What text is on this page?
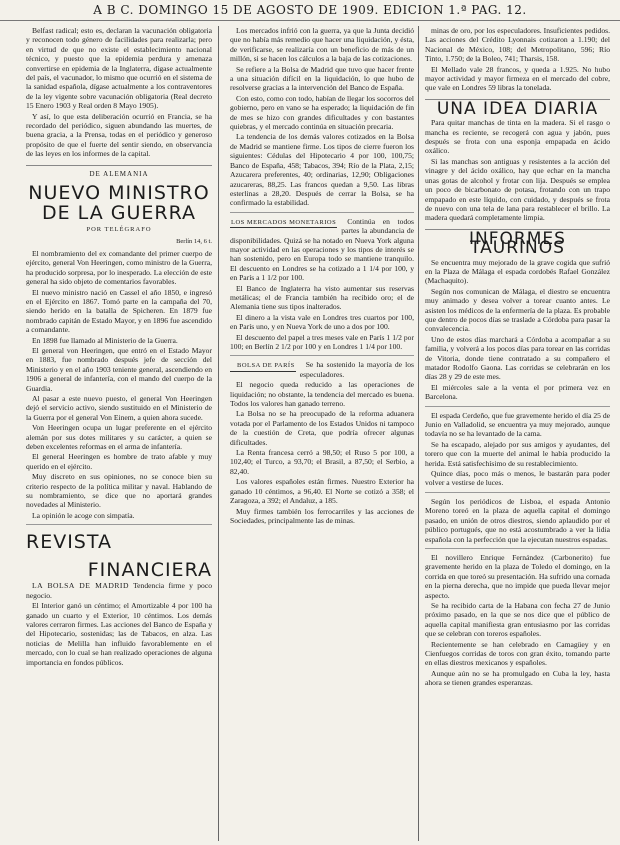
A B C. DOMINGO 15 DE AGOSTO DE 1909. EDICION 1.ª PAG. 12.

Belfast radical; esto es, declaran la vacunación obligatoria y reconocen todo género de facilidades para realizarla; pero en virtud de que no existe el establecimiento nacional técnico, y puesto que la epidemia perdura y amenaza convertirse en epidemia de la Inglaterra, dígase actualmente del país, el vacunador, lo mismo que ocurrió en el sistema de la sanidad española, dígase actualmente a los contraventores de la ley vigente sobre vacunación obligatoria (Real decreto 15 Enero 1903 y Real orden 8 Mayo 1905).

Y así, lo que esta deliberación ocurrió en Francia, se ha recordado del periódico, siguen abundando las muertes, de buena gracia, a la Prensa, todas en el periódico y generoso propósito de que el fuerte del sentir siendo, en observancia de las leyes en los informes de la capital.

DE ALEMANIA
NUEVO MINISTRO DE LA GUERRA
POR TELÉGRAFO
Berlín 14, 6 t.

El nombramiento del ex comandante del primer cuerpo de ejército, general Von Heeringen, como ministro de la Guerra, ha producido sorpresa, por lo inesperado. La elección de este general ha sido objeto de comentarios favorables.

El nuevo ministro nació en Cassel el año 1850, e ingresó en el Ejército en 1867. Tomó parte en la campaña del 70, siendo herido en la batalla de Spicheren. En 1879 fue nombrado capitán de Estado Mayor, y en 1896 fue ascendido a comandante.

En 1898 fue llamado al Ministerio de la Guerra.

El general von Heeringen, que entró en el Estado Mayor en 1883, fue nombrado después jefe de sección del Ministerio y en el año 1903 teniente general, ascendiendo en 1906 a general de infantería, con el mando del cuerpo de la Guardia.

Al pasar a este nuevo puesto, el general Von Heeringen dejó el servicio activo, siendo sustituido en el Ministerio de la Guerra por el general Von Einem, a quien ahora sucede.

Von Heeringen ocupa un lugar preferente en el ejército alemán por sus dotes militares y su carácter, a quien se deben excelentes reformas en el arma de infantería.

El general Heeringen es hombre de trato afable y muy querido en el ejército.

Muy discreto en sus opiniones, no se conoce bien su criterio respecto de la política militar y naval. Hablando de su nombramiento, se dice que no aportará grandes novedades al Ministerio.

La opinión le acoge con simpatía.

REVISTA
FINANCIERA

LA BOLSA DE MADRID Tendencia firme y poco negocio.

El Interior ganó un céntimo; el Amortizable 4 por 100 ha ganado un cuarto y el Exterior, 10 céntimos. Los demás valores cerraron firmes. Las acciones del Banco de España y del Hipotecario, sostenidas; las de Tabacos, en alza. Las noticias de Melilla han influido favorablemente en el mercado, con lo cual se han realizado operaciones de alguna importancia en fondos públicos.

Los mercados infrió con la guerra, ya que la Junta decidió que no había más remedio que hacer una liquidación, y ésta, de verificarse, se realizaría con un beneficio de más de un millón, si se hacen los cálculos a la baja de las cotizaciones.

Se refiere a la Bolsa de Madrid que tuvo que hacer frente a una situación difícil en la liquidación, lo que hubo de resolverse gracias a la intervención del Banco de España.

Con esto, como con todo, habían de llegar los socorros del gobierno, pero en vano se ha esperado; la liquidación de fin de mes se hizo con grandes dificultades y con bastantes quiebras, y el mercado continúa en situación precaria.

La tendencia de los demás valores cotizados en la Bolsa de Madrid se mantiene firme. Los tipos de cierre fueron los siguientes: Cédulas del Hipotecario 4 por 100, 100,75; Banco de España, 458; Tabacos, 394; Río de la Plata, 2,15; Azucarera preferentes, 40; ordinarias, 12,90; Obligaciones azucareras, 88,25. Las francos quedan a 9,50. Las libras esterlinas a 28,20. Después de cerrar la Bolsa, se ha confirmado la estabilidad.

LOS MERCADOS MONETARIOS	Continúa en todos partes la abundancia de disponibilidades. Quizá se ha notado en Nueva York alguna mayor actividad en las operaciones y los tipos de interés se han sostenido, pero en Europa todo se mantiene tranquilo. El descuento en Londres se ha cotizado a 1 1/4 por 100, y en París a 1 1/2 por 100.

El Banco de Inglaterra ha visto aumentar sus reservas metálicas; el de Francia también ha recibido oro; el de Alemania tiene sus tipos inalterados.

El dinero a la vista vale en Londres tres cuartos por 100, en París uno, y en Nueva York de uno a dos por 100.

El descuento del papel a tres meses vale en París 1 1/2 por 100; en Berlín 2 1/2 por 100 y en Londres 1 1/4 por 100.

BOLSA DE PARÍS Se ha sostenido la mayoría de los especuladores.

El negocio queda reducido a las operaciones de liquidación; no obstante, la tendencia del mercado es buena. Todos los valores han ganado terreno.

La Bolsa no se ha preocupado de la reforma aduanera votada por el Parlamento de los Estados Unidos ni tampoco de la cuestión de Creta, que podría ofrecer algunas dificultades.

La Renta francesa cerró a 98,50; el Ruso 5 por 100, a 102,40; el Turco, a 93,70; el Brasil, a 87,50; el Serbio, a 82,40.

Los valores españoles están firmes. Nuestro Exterior ha ganado 10 céntimos, a 96,40. El Norte se cotizó a 358; el Zaragoza, a 392; el Andaluz, a 185.

Muy firmes también los ferrocarriles y las acciones de Sociedades, principalmente las de minas.

minas de oro, por los especuladores. Insuficientes pedidos. Las acciones del Crédito Lyonnais cotizaron a 1.190; del Nacional de México, 108; del Metropolitano, 596; Río Tinto, 1.750; de la Boleo, 741; Tharsis, 158.

El Mellado vale 28 francos, y queda a 1.925. No hubo mayor actividad y mayor firmeza en el mercado del cobre, que vale en Londres 59 libras la tonelada.

UNA IDEA DIARIA

Para quitar manchas de tinta en la madera. Si el rasgo o mancha es reciente, se recogerá con agua y jabón, pues después se frota con una esponja empapada en ácido oxálico.

Si las manchas son antiguas y resistentes a la acción del vinagre y del ácido oxálico, hay que echar en la mancha unas gotas de alcohol y frotar con lija. Después se emplea un poco de bicarbonato de potasa, frotando con un trapo empapado en este líquido, con cuidado, y después se frota de nuevo con una tela de lana para restablecer el brillo. La madera quedará completamente limpia.

INFORMES TAURINOS

Se encuentra muy mejorado de la grave cogida que sufrió en la Plaza de Málaga el espada cordobés Rafael González (Machaquito).

Según nos comunican de Málaga, el diestro se encuentra muy animado y desea volver a torear cuanto antes. Le asisten los médicos de la enfermería de la plaza. Es probable que dentro de pocos días se traslade a Córdoba para pasar la convalecencia.

Uno de estos días marchará a Córdoba a acompañar a su familia, y volverá a los pocos días para torear en las corridas de Vitoria, donde tiene contratado a su compañero el matador Rodolfo Gaona. Las corridas se celebrarán en los días 28 y 29 de este mes.

El miércoles sale a la venta el por primera vez en Barcelona.

El espada Cerdeño, que fue gravemente herido el día 25 de Junio en Valladolid, se encuentra ya muy mejorado, aunque todavía no se ha levantado de la cama.

Se ha escapado, alejado por sus amigos y ayudantes, del torero que con la muerte del animal le había producido la herida. Está satisfechísimo de su restablecimiento.

Quince días, poco más o menos, le bastarán para poder volver a vestirse de luces.

Según los periódicos de Lisboa, el espada Antonio Moreno toreó en la plaza de aquella capital el domingo pasado, en unión de otros diestros, siendo aplaudido por el público portugués, que no está acostumbrado a ver la lidia española con la perfección que la ejecutan nuestros espadas.

El novillero Enrique Fernández (Carbonerito) fue gravemente herido en la plaza de Toledo el domingo, en la corrida en que toreó su presentación. Ha sufrido una cornada en la pierna derecha, que no impide que pueda llevar mejor aspecto.

Se ha recibido carta de la Habana con fecha 27 de Junio próximo pasado, en la que se nos dice que el público de aquella capital manifiesta gran entusiasmo por las corridas que se celebran con toreros españoles.

Recientemente se han celebrado en Camagüey y en Cienfuegos corridas de toros con gran éxito, tomando parte en ellas diestros mexicanos y españoles.

Aunque aún no se ha promulgado en Cuba la ley, hasta ahora se tienen grandes esperanzas.
